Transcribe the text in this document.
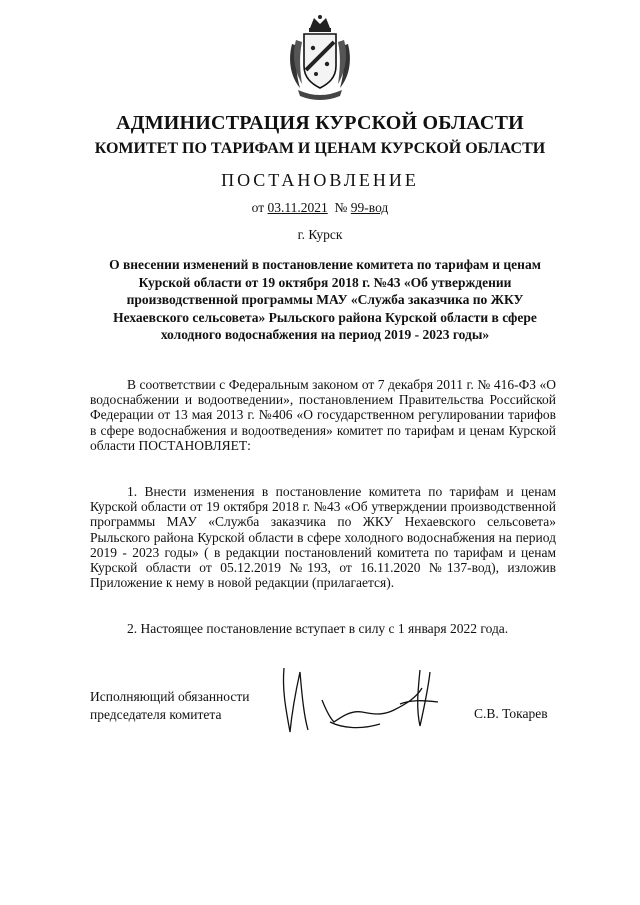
АДМИНИСТРАЦИЯ КУРСКОЙ ОБЛАСТИ
КОМИТЕТ ПО ТАРИФАМ И ЦЕНАМ КУРСКОЙ ОБЛАСТИ
ПОСТАНОВЛЕНИЕ
от 03.11.2021 № 99-вод
г. Курск
О внесении изменений в постановление комитета по тарифам и ценам Курской области от 19 октября 2018 г. №43 «Об утверждении производственной программы МАУ «Служба заказчика по ЖКУ Нехаевского сельсовета» Рыльского района Курской области в сфере холодного водоснабжения на период 2019 - 2023 годы»
В соответствии с Федеральным законом от 7 декабря 2011 г. № 416-ФЗ «О водоснабжении и водоотведении», постановлением Правительства Российской Федерации от 13 мая 2013 г. №406 «О государственном регулировании тарифов в сфере водоснабжения и водоотведения» комитет по тарифам и ценам Курской области ПОСТАНОВЛЯЕТ:
1. Внести изменения в постановление комитета по тарифам и ценам Курской области от 19 октября 2018 г. №43 «Об утверждении производственной программы МАУ «Служба заказчика по ЖКУ Нехаевского сельсовета» Рыльского района Курской области в сфере холодного водоснабжения на период 2019 - 2023 годы» ( в редакции постановлений комитета по тарифам и ценам Курской области от 05.12.2019 №193, от 16.11.2020 №137-вод), изложив Приложение к нему в новой редакции (прилагается).
2. Настоящее постановление вступает в силу с 1 января 2022 года.
Исполняющий обязанности
председателя комитета	С.В. Токарев
